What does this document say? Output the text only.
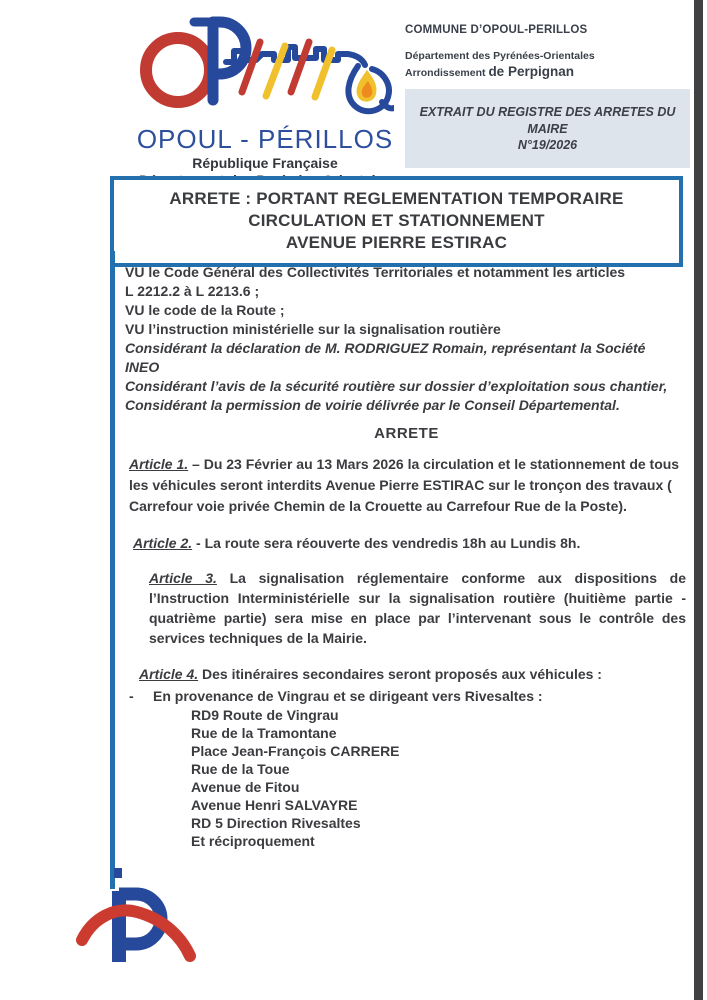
OPOUL - PÉRILLOS
République Française
COMMUNE D’OPOUL-PERILLOS
Département des Pyrénées-Orientales
Arrondissement de Perpignan
EXTRAIT DU REGISTRE DES ARRETES DU
MAIRE
N°19/2026
ARRETE : PORTANT REGLEMENTATION TEMPORAIRE
CIRCULATION ET STATIONNEMENT
AVENUE PIERRE ESTIRAC
VU le Code Général des Collectivités Territoriales et notamment les articles
L 2212.2 à L 2213.6 ;
VU le code de la Route ;
VU l’instruction ministérielle sur la signalisation routière
Considérant la déclaration de M. RODRIGUEZ Romain, représentant la Société
INEO
Considérant l’avis de la sécurité routière sur dossier d’exploitation sous chantier,
Considérant la permission de voirie délivrée par le Conseil Départemental.
ARRETE
Article 1. – Du 23 Février au 13 Mars 2026 la circulation et le stationnement de tous les véhicules seront interdits Avenue Pierre ESTIRAC sur le tronçon des travaux ( Carrefour voie privée Chemin de la Crouette au Carrefour Rue de la Poste).
Article 2. - La route sera réouverte des vendredis 18h au Lundis 8h.
Article 3. La signalisation réglementaire conforme aux dispositions de l’Instruction Interministérielle sur la signalisation routière (huitième partie - quatrième partie) sera mise en place par l’intervenant sous le contrôle des services techniques de la Mairie.
Article 4. Des itinéraires secondaires seront proposés aux véhicules :
-	En provenance de Vingrau et se dirigeant vers Rivesaltes :
RD9 Route de Vingrau
Rue de la Tramontane
Place Jean-François CARRERE
Rue de la Toue
Avenue de Fitou
Avenue Henri SALVAYRE
RD 5 Direction Rivesaltes
Et réciproquement
